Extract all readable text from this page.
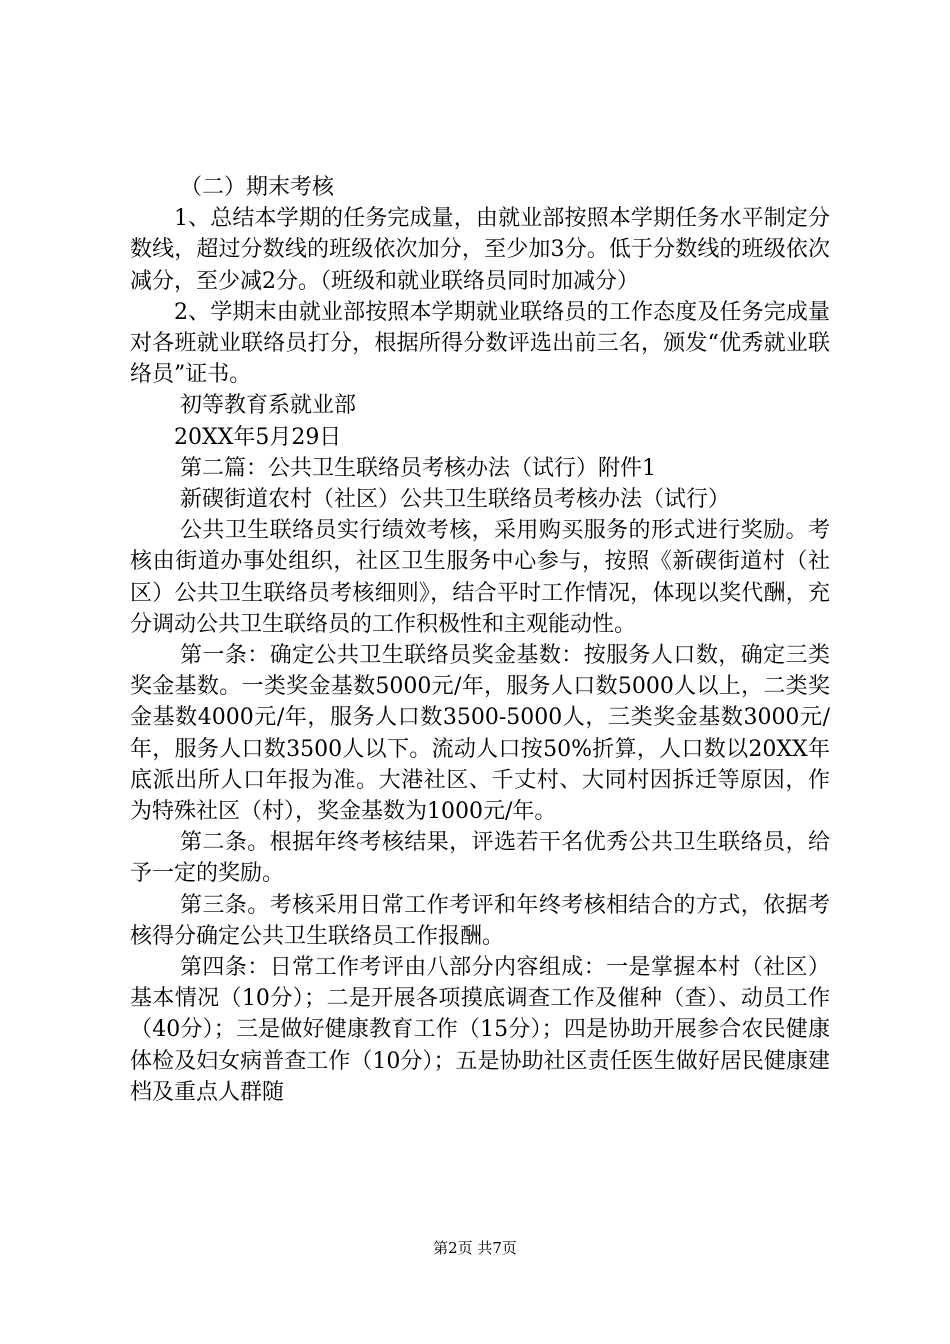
（二）期末考核

1、总结本学期的任务完成量，由就业部按照本学期任务水平制定分数线，超过分数线的班级依次加分，至少加3分。低于分数线的班级依次减分，至少减2分。（班级和就业联络员同时加减分）

2、学期末由就业部按照本学期就业联络员的工作态度及任务完成量对各班就业联络员打分，根据所得分数评选出前三名，颁发“优秀就业联络员”证书。

初等教育系就业部

20XX年5月29日

第二篇：公共卫生联络员考核办法（试行）附件1

新碶街道农村（社区）公共卫生联络员考核办法（试行）

公共卫生联络员实行绩效考核，采用购买服务的形式进行奖励。考核由街道办事处组织，社区卫生服务中心参与，按照《新碶街道村（社区）公共卫生联络员考核细则》，结合平时工作情况，体现以奖代酬，充分调动公共卫生联络员的工作积极性和主观能动性。

第一条：确定公共卫生联络员奖金基数：按服务人口数，确定三类奖金基数。一类奖金基数5000元/年，服务人口数5000人以上，二类奖金基数4000元/年，服务人口数3500-5000人，三类奖金基数3000元/年，服务人口数3500人以下。流动人口按50%折算，人口数以20XX年底派出所人口年报为准。大港社区、千丈村、大同村因拆迁等原因，作为特殊社区（村），奖金基数为1000元/年。

第二条。根据年终考核结果，评选若干名优秀公共卫生联络员，给予一定的奖励。

第三条。考核采用日常工作考评和年终考核相结合的方式，依据考核得分确定公共卫生联络员工作报酬。

第四条：日常工作考评由八部分内容组成：一是掌握本村（社区）基本情况（10分）；二是开展各项摸底调查工作及催种（查）、动员工作（40分）；三是做好健康教育工作（15分）；四是协助开展参合农民健康体检及妇女病普查工作（10分）；五是协助社区责任医生做好居民健康建档及重点人群随

第2页 共7页
